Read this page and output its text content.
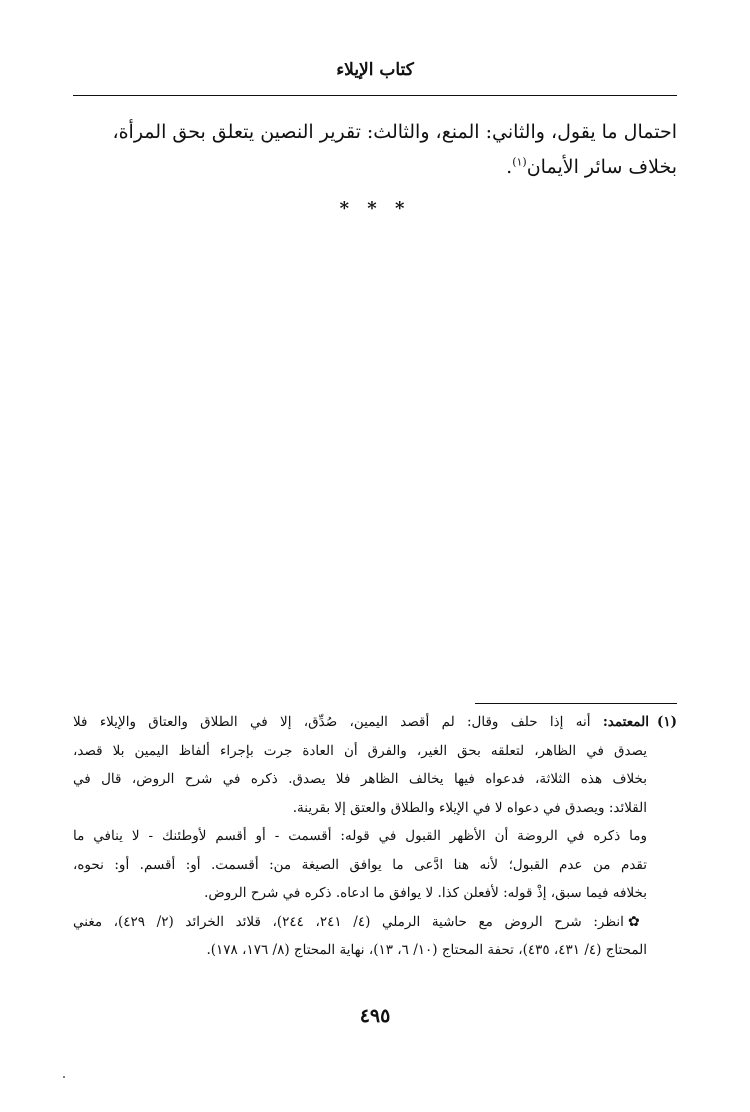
كتاب الإيلاء

احتمال ما يقول، والثاني: المنع، والثالث: تقرير النصين يتعلق بحق المرأة،

بخلاف سائر الأيمان$^{(١)}$.

* * *
(١)المعتمد: أنه إذا حلف وقال: لم أقصد اليمين، صُدِّق، إلا في الطلاق والعتاق والإيلاء فلا
يصدق في الظاهر، لتعلقه بحق الغير، والفرق أن العادة جرت بإجراء ألفاظ اليمين بلا قصد،
بخلاف هذه الثلاثة، فدعواه فيها يخالف الظاهر فلا يصدق. ذكره في شرح الروض، قال في
القلائد: ويصدق في دعواه لا في الإيلاء والطلاق والعتق إلا بقرينة.
وما ذكره في الروضة أن الأظهر القبول في قوله: أقسمت - أو أقسم لأوطئنك - لا ينافي ما
تقدم من عدم القبول؛ لأنه هنا ادَّعى ما يوافق الصيغة من: أقسمت. أو: أقسم. أو: نحوه،
بخلافه فيما سبق، إذْ قوله: لأفعلن كذا. لا يوافق ما ادعاه. ذكره في شرح الروض.
✿انظر: شرح الروض مع حاشية الرملي (٤/ ٢٤١، ٢٤٤)، قلائد الخرائد (٢/ ٤٢٩)، مغني
المحتاج (٤/ ٤٣١، ٤٣٥)، تحفة المحتاج (١٠/ ٦، ١٣)، نهاية المحتاج (٨/ ١٧٦، ١٧٨).
٤٩٥
